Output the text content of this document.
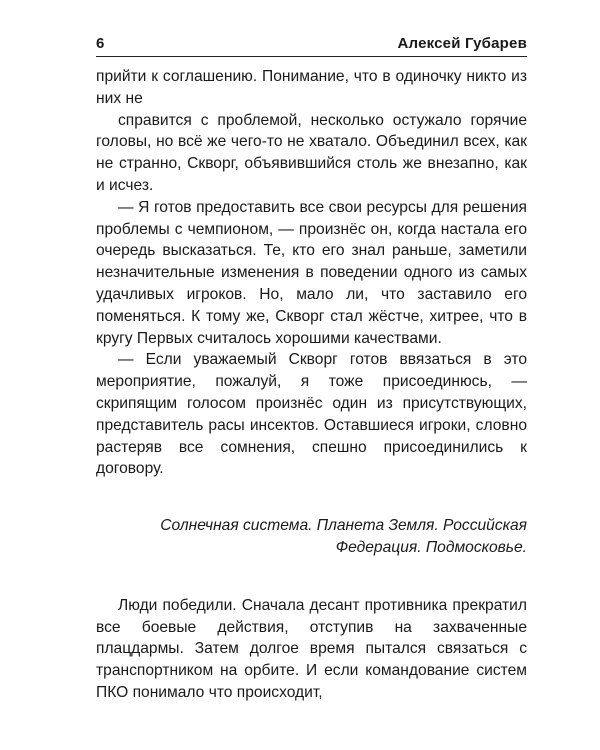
6	Алексей Губарев

прийти к соглашению. Понимание, что в одиночку никто из них не

справится с проблемой, несколько остужало горячие головы, но всё же чего-то не хватало. Объединил всех, как не странно, Скворг, объявившийся столь же внезапно, как и исчез.

— Я готов предоставить все свои ресурсы для решения проблемы с чемпионом, — произнёс он, когда настала его очередь высказаться. Те, кто его знал раньше, заметили незначительные изменения в поведении одного из самых удачливых игроков. Но, мало ли, что заставило его поменяться. К тому же, Скворг стал жёстче, хитрее, что в кругу Первых считалось хорошими качествами.

— Если уважаемый Скворг готов ввязаться в это мероприятие, пожалуй, я тоже присоединюсь, — скрипящим голосом произнёс один из присутствующих, представитель расы инсектов. Оставшиеся игроки, словно растеряв все сомнения, спешно присоединились к договору.

Солнечная система. Планета Земля. Российская Федерация. Подмосковье.

Люди победили. Сначала десант противника прекратил все боевые действия, отступив на захваченные плацдармы. Затем долгое время пытался связаться с транспортником на орбите. И если командование систем ПКО понимало что происходит,
